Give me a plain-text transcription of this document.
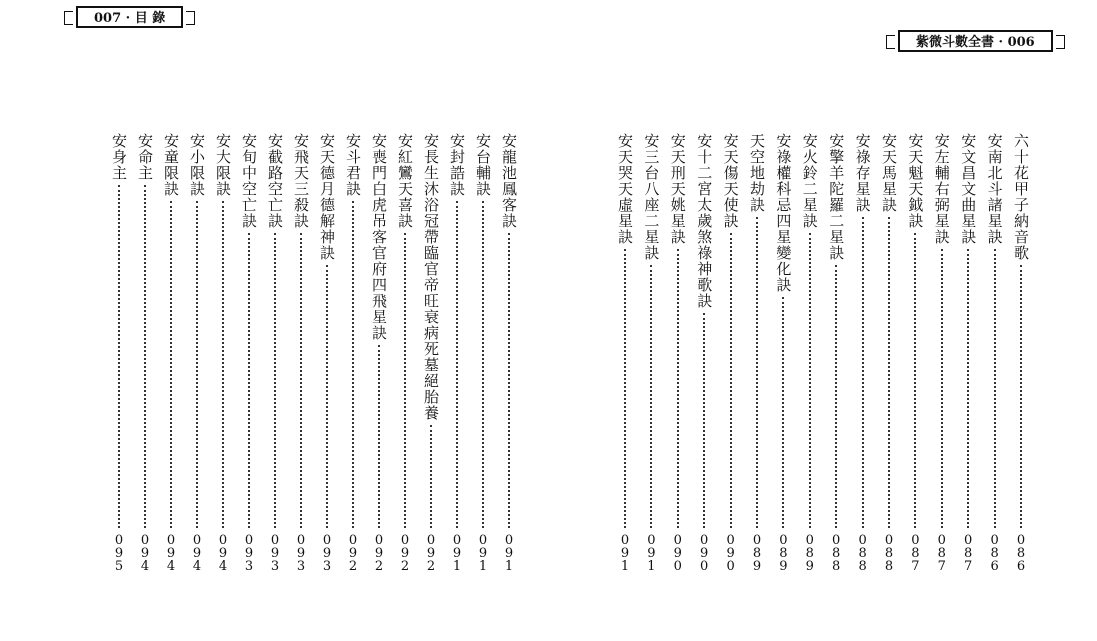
007 · 目 錄
紫微斗數全書 · 006
安龍池鳳客訣
0
9
1
安台輔訣
0
9
1
安封誥訣
0
9
1
安長生沐浴冠帶臨官帝旺衰病死墓絕胎養
0
9
2
安紅鸞天喜訣
0
9
2
安喪門白虎吊客官府四飛星訣
0
9
2
安斗君訣
0
9
2
安天德月德解神訣
0
9
3
安飛天三殺訣
0
9
3
安截路空亡訣
0
9
3
安旬中空亡訣
0
9
3
安大限訣
0
9
4
安小限訣
0
9
4
安童限訣
0
9
4
安命主
0
9
4
安身主
0
9
5
六十花甲子納音歌
0
8
6
安南北斗諸星訣
0
8
6
安文昌文曲星訣
0
8
7
安左輔右弼星訣
0
8
7
安天魁天鉞訣
0
8
7
安天馬星訣
0
8
8
安祿存星訣
0
8
8
安擎羊陀羅二星訣
0
8
8
安火鈴二星訣
0
8
9
安祿權科忌四星變化訣
0
8
9
天空地劫訣
0
8
9
安天傷天使訣
0
9
0
安十二宮太歲煞祿神歌訣
0
9
0
安天刑天姚星訣
0
9
0
安三台八座二星訣
0
9
1
安天哭天虛星訣
0
9
1
